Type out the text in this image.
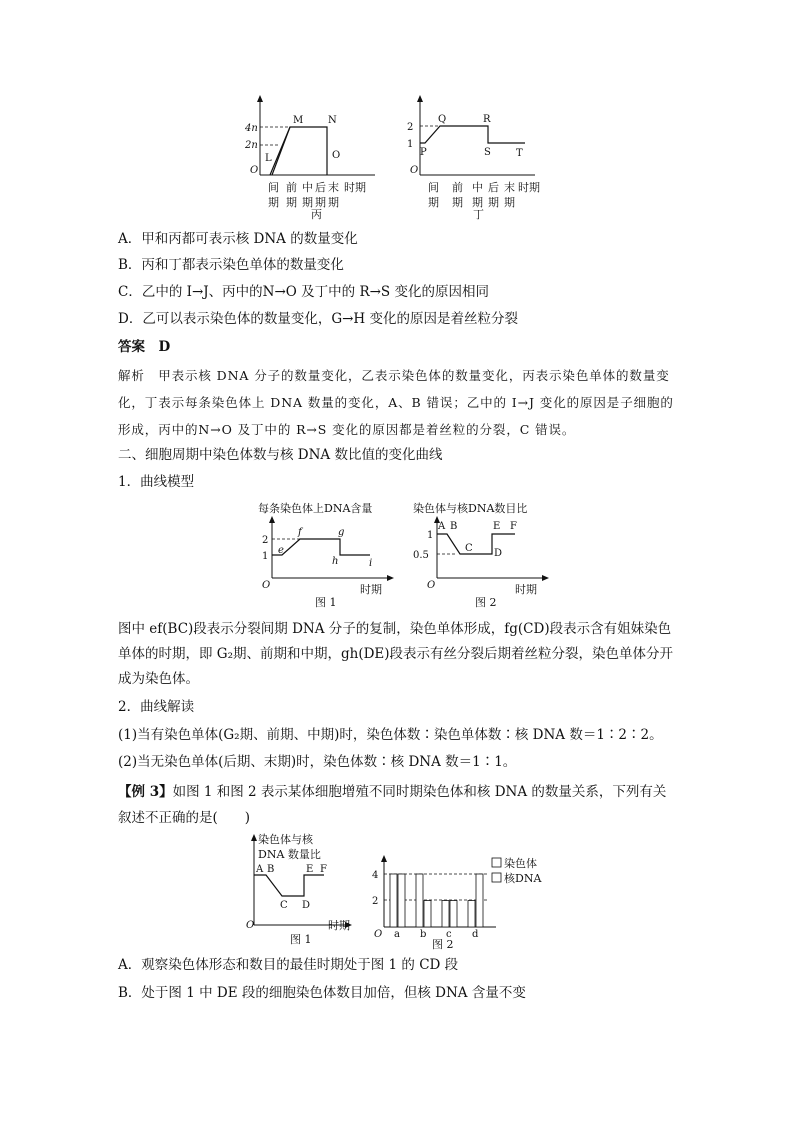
4n
2n
O
L
M N
O
间 前 中 后 末 时期
期 期 期 期 期
丙
2
1
O
P
Q	R
S	T
间 前 中 后 末 时期
期 期 期 期 期
丁
A．甲和丙都可表示核 DNA 的数量变化
B．丙和丁都表示染色单体的数量变化
C．乙中的 I→J、丙中的N→O 及丁中的 R→S 变化的原因相同
D．乙可以表示染色体的数量变化，G→H 变化的原因是着丝粒分裂
答案　D
解析　甲表示核 DNA 分子的数量变化，乙表示染色体的数量变化，丙表示染色单体的数量变化，丁表示每条染色体上 DNA 数量的变化，A、B 错误；乙中的 I→J 变化的原因是子细胞的形成，丙中的N→O 及丁中的 R→S 变化的原因都是着丝粒的分裂，C 错误。
二、细胞周期中染色体数与核 DNA 数比值的变化曲线
1．曲线模型
每条染色体上DNA含量
2
1
O
e
f	g
h	i
时期
图 1
染色体与核DNA数目比
1
0.5
O
A B
C D
E F
时期
图 2
图中 ef(BC)段表示分裂间期 DNA 分子的复制，染色单体形成，fg(CD)段表示含有姐妹染色单体的时期，即 G₂期、前期和中期，gh(DE)段表示有丝分裂后期着丝粒分裂，染色单体分开成为染色体。
2．曲线解读
(1)当有染色单体(G₂期、前期、中期)时，染色体数∶染色单体数∶核 DNA 数＝1∶2∶2。
(2)当无染色单体(后期、末期)时，染色体数∶核 DNA 数＝1∶1。
【例 3】如图 1 和图 2 表示某体细胞增殖不同时期染色体和核 DNA 的数量关系，下列有关叙述不正确的是(　　)
染色体与核
DNA 数量比
A B
C D
E F
O	时期
图 1
4
2
O a b c d
染色体
核DNA
图 2
A．观察染色体形态和数目的最佳时期处于图 1 的 CD 段
B．处于图 1 中 DE 段的细胞染色体数目加倍，但核 DNA 含量不变
